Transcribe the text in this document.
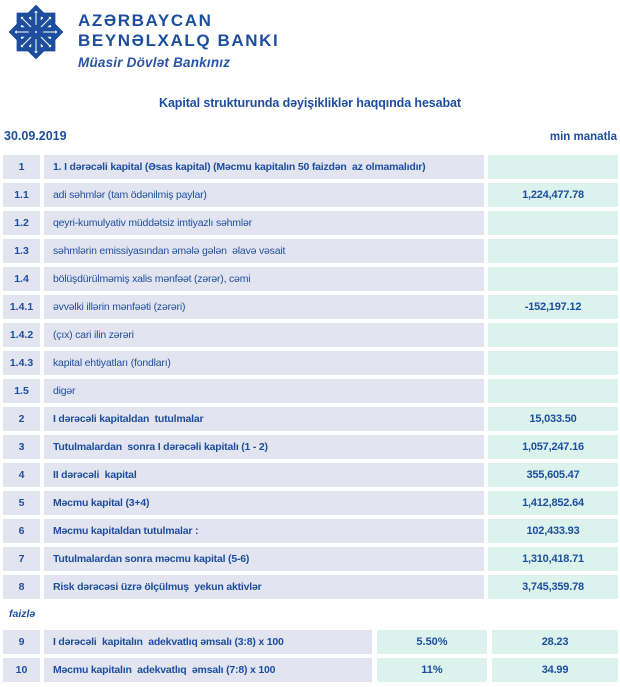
AZƏRBAYCAN
BEYNƏLXALQ BANKI
Müasir Dövlət Bankınız
Kapital strukturunda dəyişikliklər haqqında hesabat
30.09.2019	min manatla
1	1. I dərəcəli kapital (Əsas kapital) (Məcmu kapitalın 50 faizdən  az olmamalıdır)
1.1	adi səhmlər (tam ödənilmiş paylar)	1,224,477.78
1.2	qeyri-kumulyativ müddətsiz imtiyazlı səhmlər
1.3	səhmlərin emissiyasından əmələ gələn  əlavə vəsait
1.4	bölüşdürülməmiş xalis mənfəət (zərər), cəmi
1.4.1	əvvəlki illərin mənfəəti (zərəri)	-152,197.12
1.4.2	(çıx) cari ilin zərəri
1.4.3	kapital ehtiyatları (fondları)
1.5	digər
2	I dərəcəli kapitaldan  tutulmalar	15,033.50
3	Tutulmalardan  sonra I dərəcəli kapitalı (1 - 2)	1,057,247.16
4	II dərəcəli  kapital	355,605.47
5	Məcmu kapital (3+4)	1,412,852.64
6	Məcmu kapitaldan tutulmalar :	102,433.93
7	Tutulmalardan sonra məcmu kapital (5-6)	1,310,418.71
8	Risk dərəcəsi üzrə ölçülmuş  yekun aktivlər	3,745,359.78
faizlə
9	I dərəcəli  kapitalın  adekvatlıq əmsalı (3:8) x 100	5.50%	28.23
10	Məcmu kapitalın  adekvatlıq  əmsalı (7:8) x 100	11%	34.99
